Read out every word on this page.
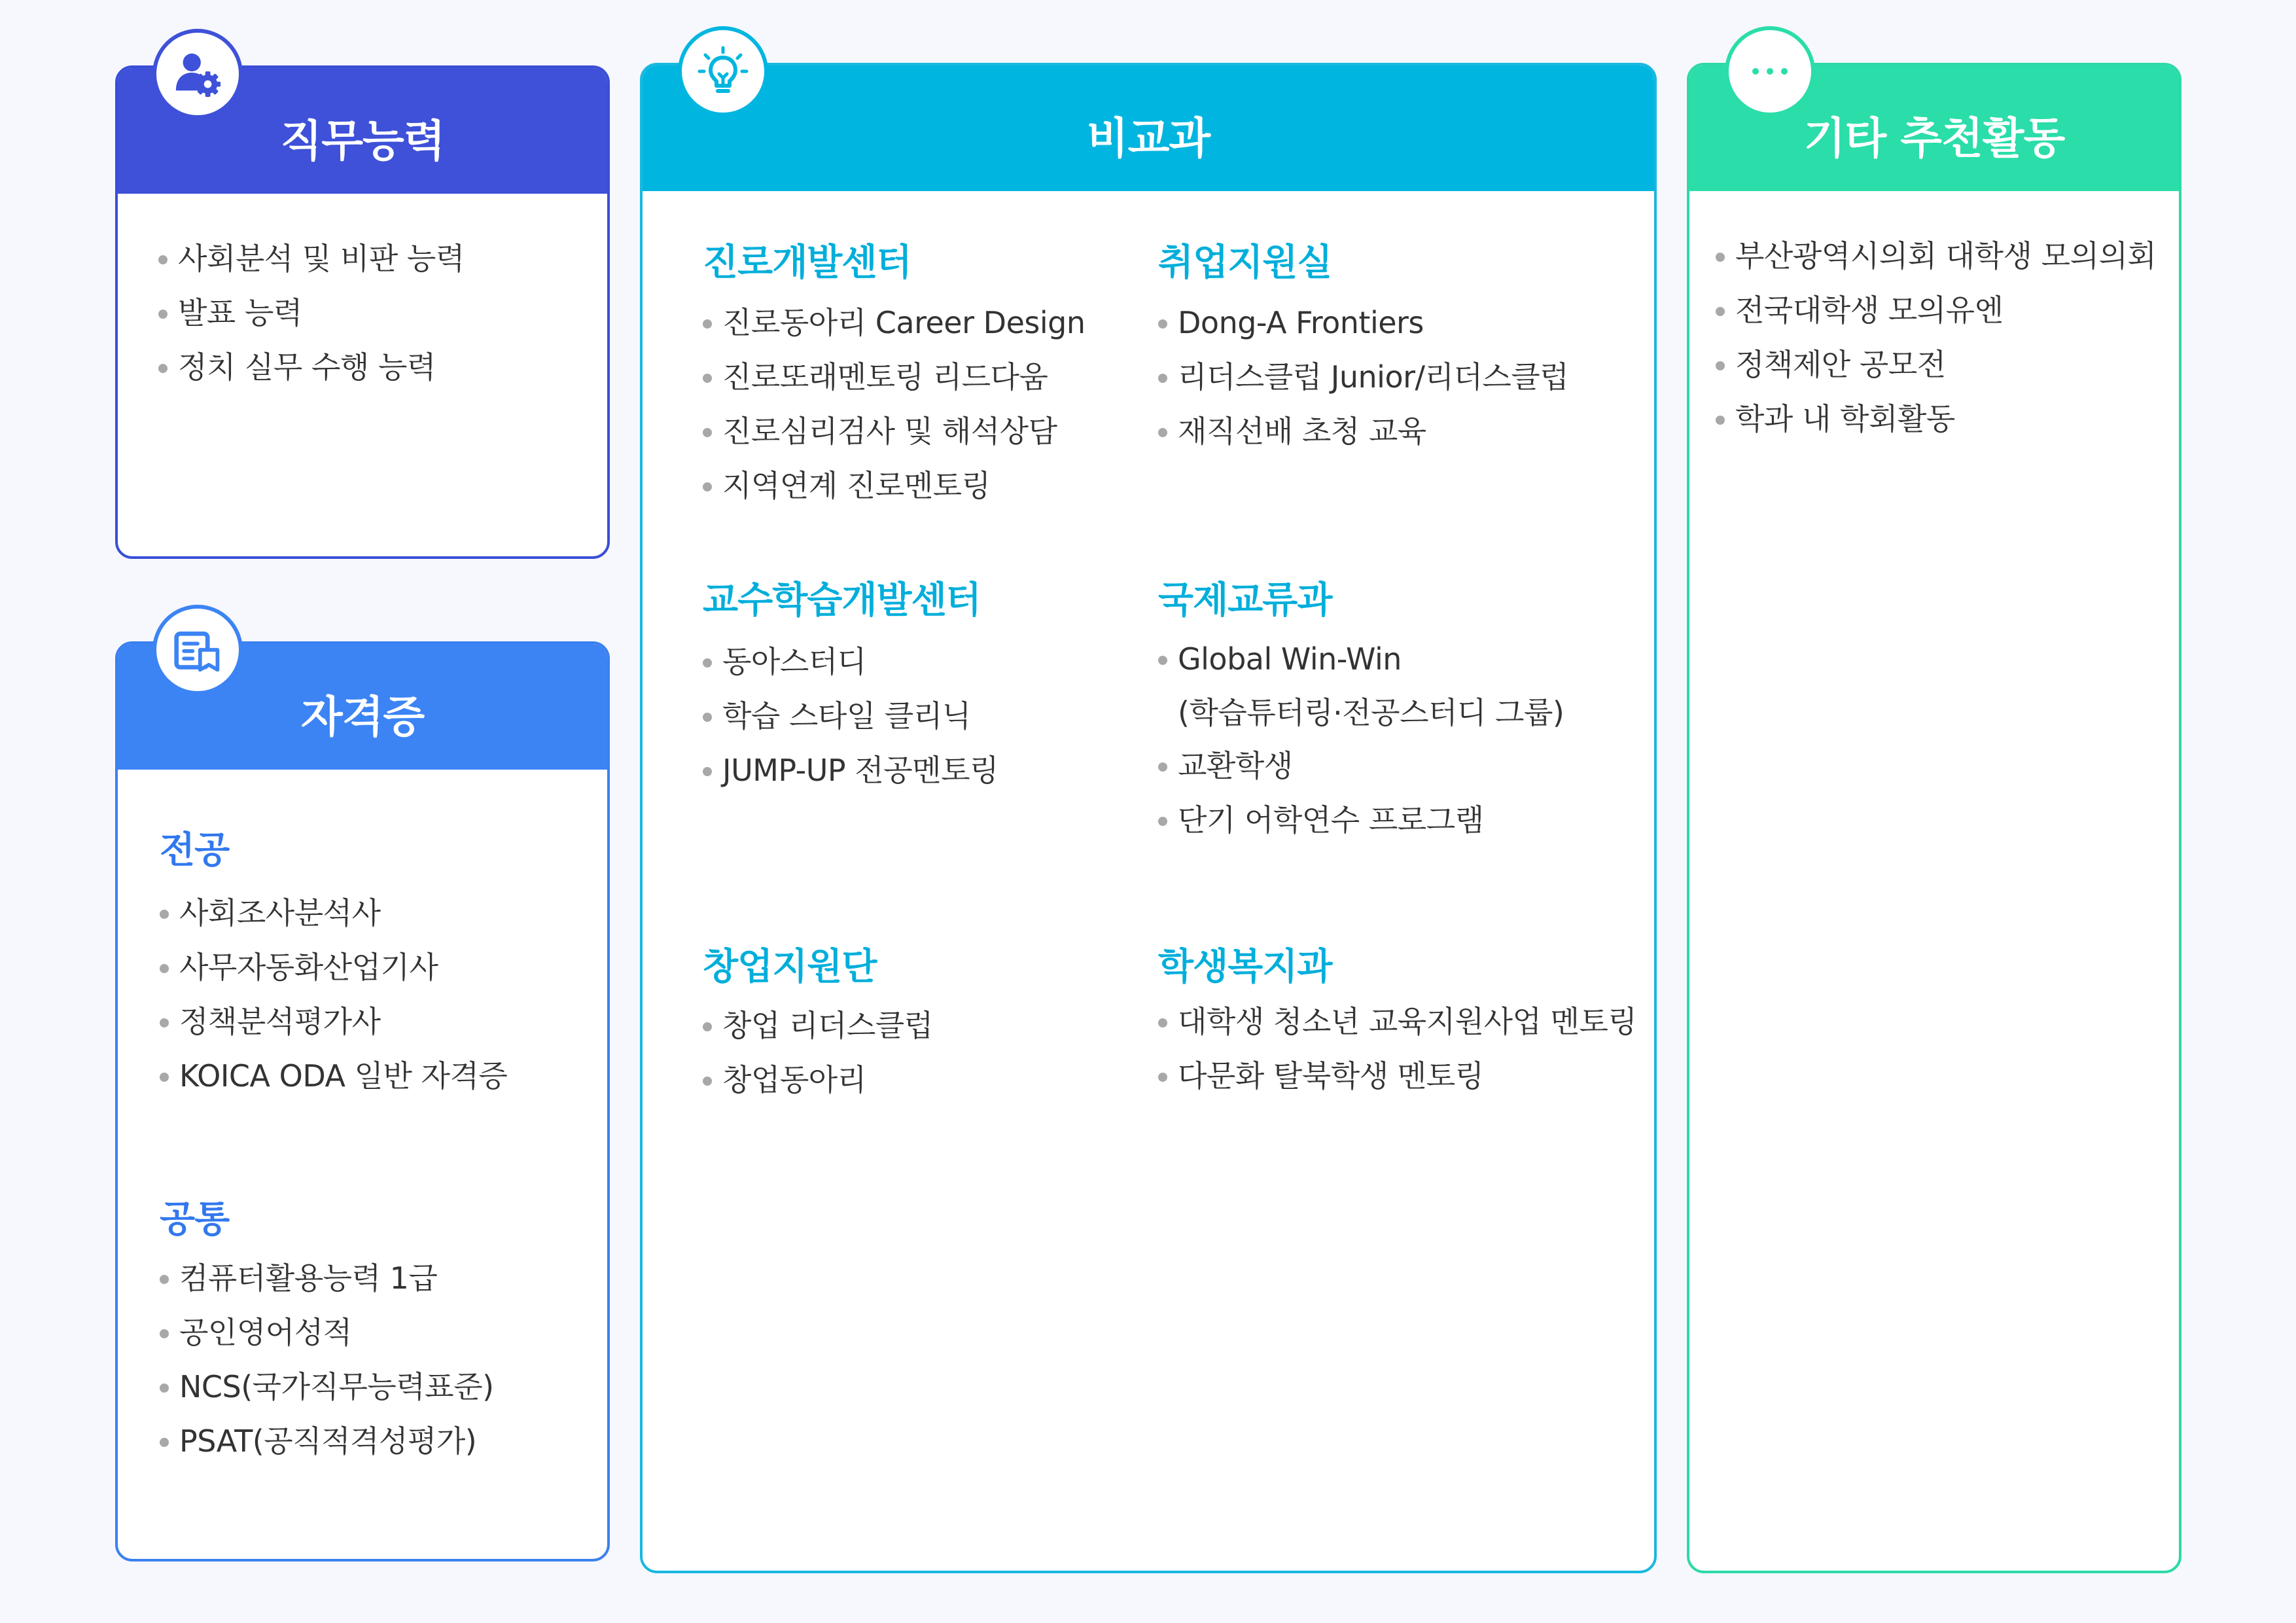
직무능력
사회분석 및 비판 능력
발표 능력
정치 실무 수행 능력
자격증
전공
사회조사분석사
사무자동화산업기사
정책분석평가사
KOICA ODA 일반 자격증
공통
컴퓨터활용능력 1급
공인영어성적
NCS(국가직무능력표준)
PSAT(공직적격성평가)
비교과
진로개발센터
진로동아리 Career Design
진로또래멘토링 리드다움
진로심리검사 및 해석상담
지역연계 진로멘토링
취업지원실
Dong-A Frontiers
리더스클럽 Junior/리더스클럽
재직선배 초청 교육
교수학습개발센터
동아스터디
학습 스타일 클리닉
JUMP-UP 전공멘토링
국제교류과
Global Win-Win
(학습튜터링·전공스터디 그룹)
교환학생
단기 어학연수 프로그램
창업지원단
창업 리더스클럽
창업동아리
학생복지과
대학생 청소년 교육지원사업 멘토링
다문화 탈북학생 멘토링
기타 추천활동
부산광역시의회 대학생 모의의회
전국대학생 모의유엔
정책제안 공모전
학과 내 학회활동
